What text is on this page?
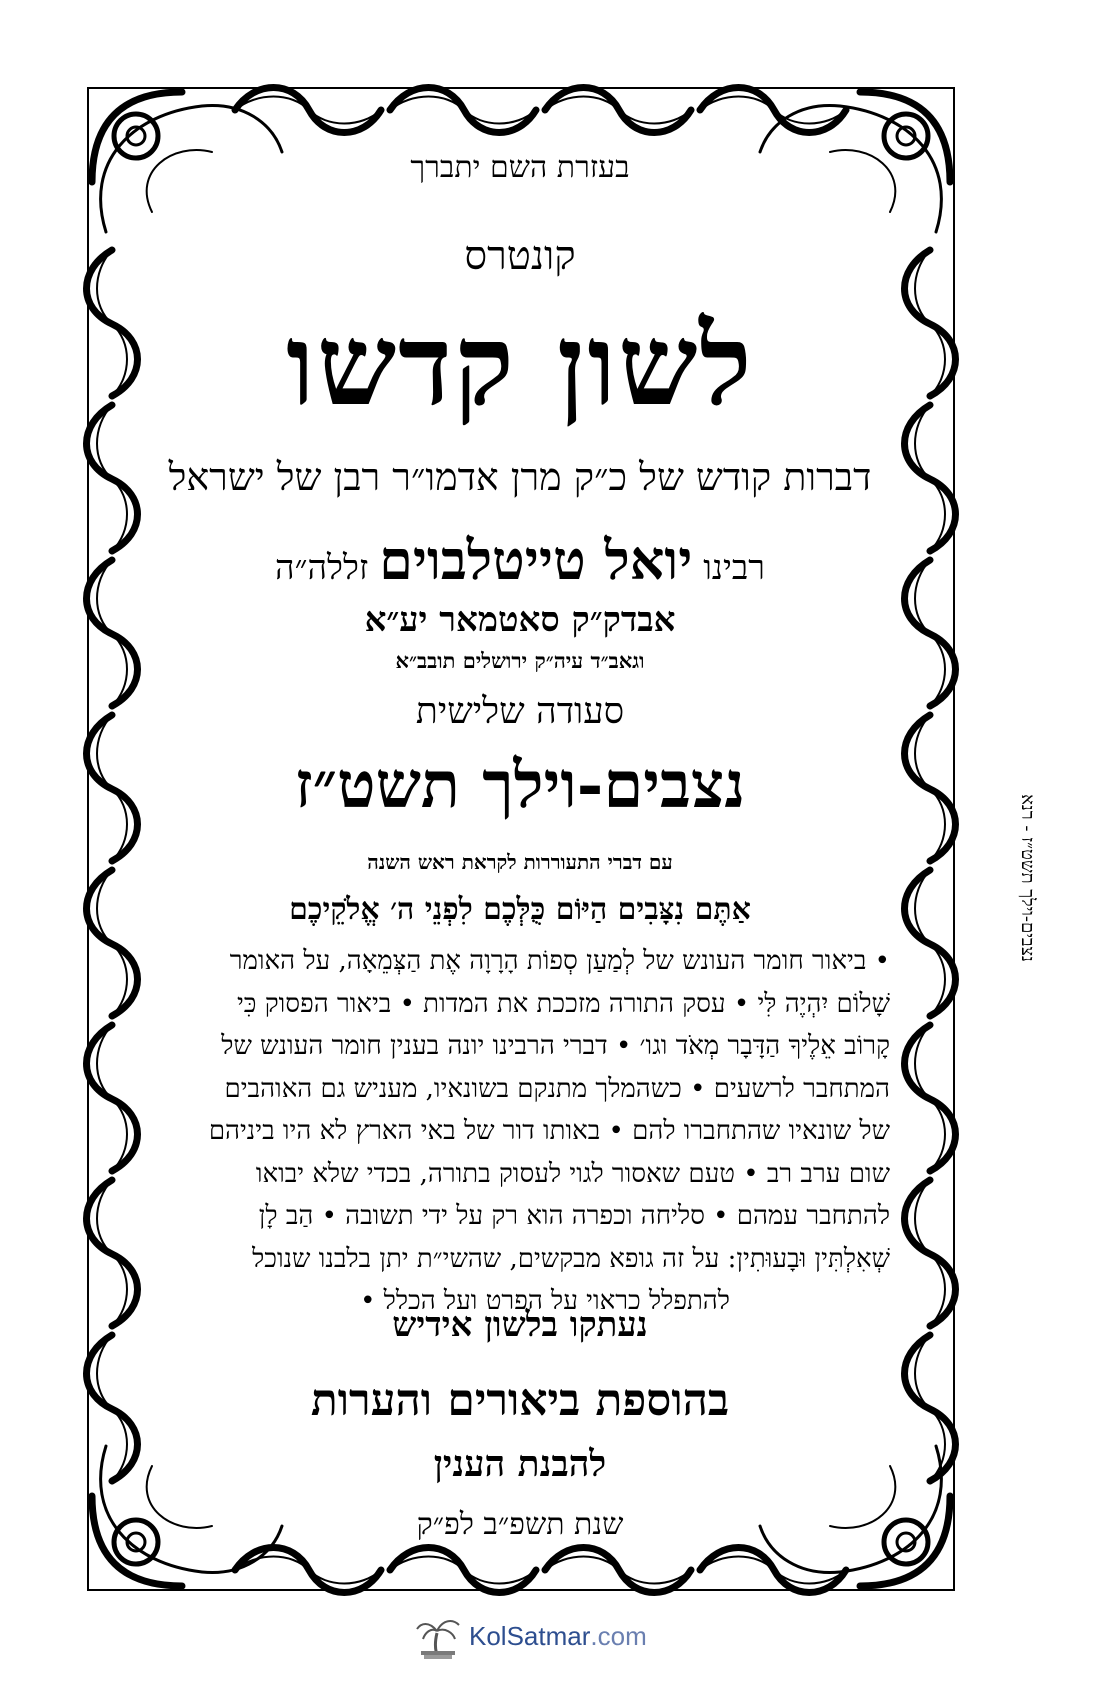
בעזרת השם יתברך
קונטרס
לשון קדשו
דברות קודש של כ״ק מרן אדמו״ר רבן של ישראל
רבינו יואל טייטלבוים זללה״ה
אבדק״ק סאטמאר יע״א
וגאב״ד עיה״ק ירושלים תובב״א
סעודה שלישית
נצבים-וילך תשט״ז
עם דברי התעוררות לקראת ראש השנה
אַתֶּם נִצָּבִים הַיּוֹם כֻּלְּכֶם לִפְנֵי ה׳ אֱלֹקֵיכֶם
• ביאור חומר העונש של לְמַעַן סְפוֹת הָרָוָה אֶת הַצְּמֵאָה, על האומר
שָׁלוֹם יִהְיֶה לִּי • עסק התורה מזככת את המדות • ביאור הפסוק כִּי
קָרוֹב אֵלֶיךָ הַדָּבָר מְאֹד וגו׳ • דברי הרבינו יונה בענין חומר העונש של
המתחבר לרשעים • כשהמלך מתנקם בשונאיו, מעניש גם האוהבים
של שונאיו שהתחברו להם • באותו דור של באי הארץ לא היו ביניהם
שום ערב רב • טעם שאסור לגוי לעסוק בתורה, בכדי שלא יבואו
להתחבר עמהם • סליחה וכפרה הוא רק על ידי תשובה • הַב לָן
שְׁאִלְתִּין וּבָעוּתִין: על זה גופא מבקשים, שהשי״ת יתן בלבנו שנוכל
להתפלל כראוי על הפרט ועל הכלל •
נעתקו בלשון אידיש
בהוספת ביאורים והערות
להבנת הענין
שנת תשפ״ב לפ״ק
נצבים-וילך תשט״ז - רנא
KolSatmar .com
